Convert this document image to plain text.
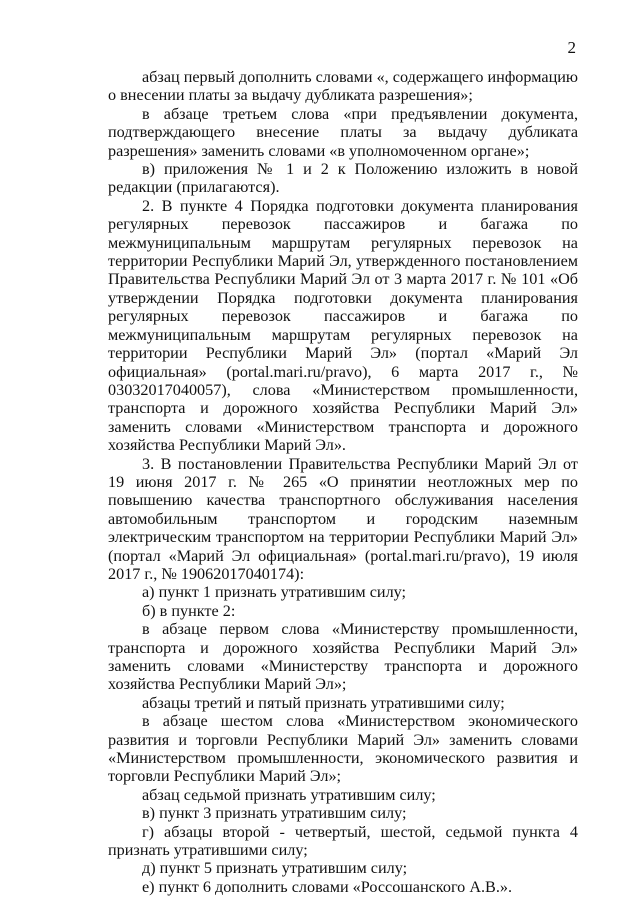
2

абзац первый дополнить словами «, содержащего информацию о внесении платы за выдачу дубликата разрешения»;

в абзаце третьем слова «при предъявлении документа, подтверждающего внесение платы за выдачу дубликата разрешения» заменить словами «в уполномоченном органе»;

в) приложения № 1 и 2 к Положению изложить в новой редакции (прилагаются).

2. В пункте 4 Порядка подготовки документа планирования регулярных перевозок пассажиров и багажа по межмуниципальным маршрутам регулярных перевозок на территории Республики Марий Эл, утвержденного постановлением Правительства Республики Марий Эл от 3 марта 2017 г. № 101 «Об утверждении Порядка подготовки документа планирования регулярных перевозок пассажиров и багажа по межмуниципальным маршрутам регулярных перевозок на территории Республики Марий Эл» (портал «Марий Эл официальная» (portal.mari.ru/pravo), 6 марта 2017 г., № 03032017040057), слова «Министерством промышленности, транспорта и дорожного хозяйства Республики Марий Эл» заменить словами «Министерством транспорта и дорожного хозяйства Республики Марий Эл».

3. В постановлении Правительства Республики Марий Эл от 19 июня 2017 г. № 265 «О принятии неотложных мер по повышению качества транспортного обслуживания населения автомобильным транспортом и городским наземным электрическим транспортом на территории Республики Марий Эл» (портал «Марий Эл официальная» (portal.mari.ru/pravo), 19 июля 2017 г., № 19062017040174):

а) пункт 1 признать утратившим силу;

б) в пункте 2:

в абзаце первом слова «Министерству промышленности, транспорта и дорожного хозяйства Республики Марий Эл» заменить словами «Министерству транспорта и дорожного хозяйства Республики Марий Эл»;

абзацы третий и пятый признать утратившими силу;

в абзаце шестом слова «Министерством экономического развития и торговли Республики Марий Эл» заменить словами «Министерством промышленности, экономического развития и торговли Республики Марий Эл»;

абзац седьмой признать утратившим силу;

в) пункт 3 признать утратившим силу;

г) абзацы второй - четвертый, шестой, седьмой пункта 4 признать утратившими силу;

д) пункт 5 признать утратившим силу;

е) пункт 6 дополнить словами «Россошанского А.В.».
